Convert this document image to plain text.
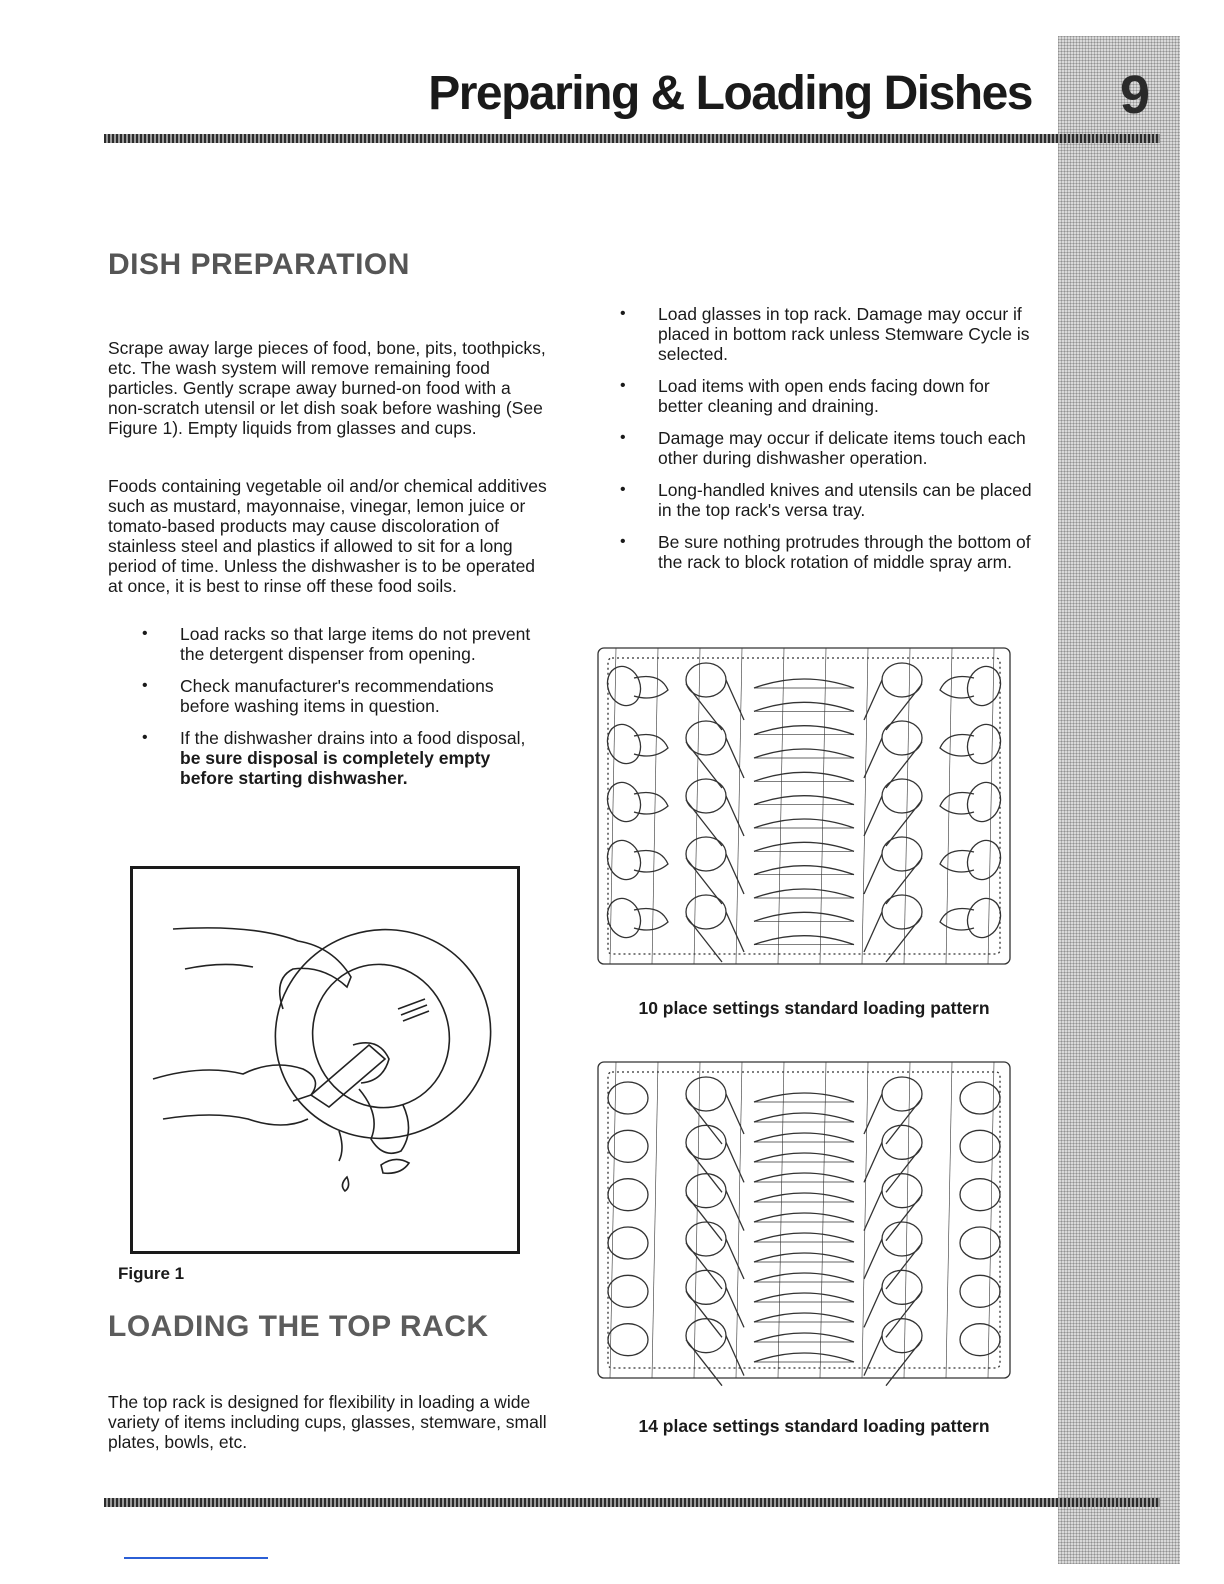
9
Preparing & Loading Dishes
DISH PREPARATION
Scrape away large pieces of food, bone, pits, toothpicks, etc. The wash system will remove remaining food particles. Gently scrape away burned-on food with a non-scratch utensil or let dish soak before washing (See Figure 1). Empty liquids from glasses and cups.
Foods containing vegetable oil and/or chemical additives such as mustard, mayonnaise, vinegar, lemon juice or tomato-based products may cause discoloration of stainless steel and plastics if allowed to sit for a long period of time. Unless the dishwasher is to be operated at once, it is best to rinse off these food soils.
• Load racks so that large items do not prevent the detergent dispenser from opening.
• Check manufacturer's recommendations before washing items in question.
• If the dishwasher drains into a food disposal, be sure disposal is completely empty before starting dishwasher.
Figure 1
LOADING THE TOP RACK
The top rack is designed for flexibility in loading a wide variety of items including cups, glasses, stemware, small plates, bowls, etc.
• Load glasses in top rack. Damage may occur if placed in bottom rack unless Stemware Cycle is selected.
• Load items with open ends facing down for better cleaning and draining.
• Damage may occur if delicate items touch each other during dishwasher operation.
• Long-handled knives and utensils can be placed in the top rack's versa tray.
• Be sure nothing protrudes through the bottom of the rack to block rotation of middle spray arm.
10 place settings standard loading pattern
14 place settings standard loading pattern
